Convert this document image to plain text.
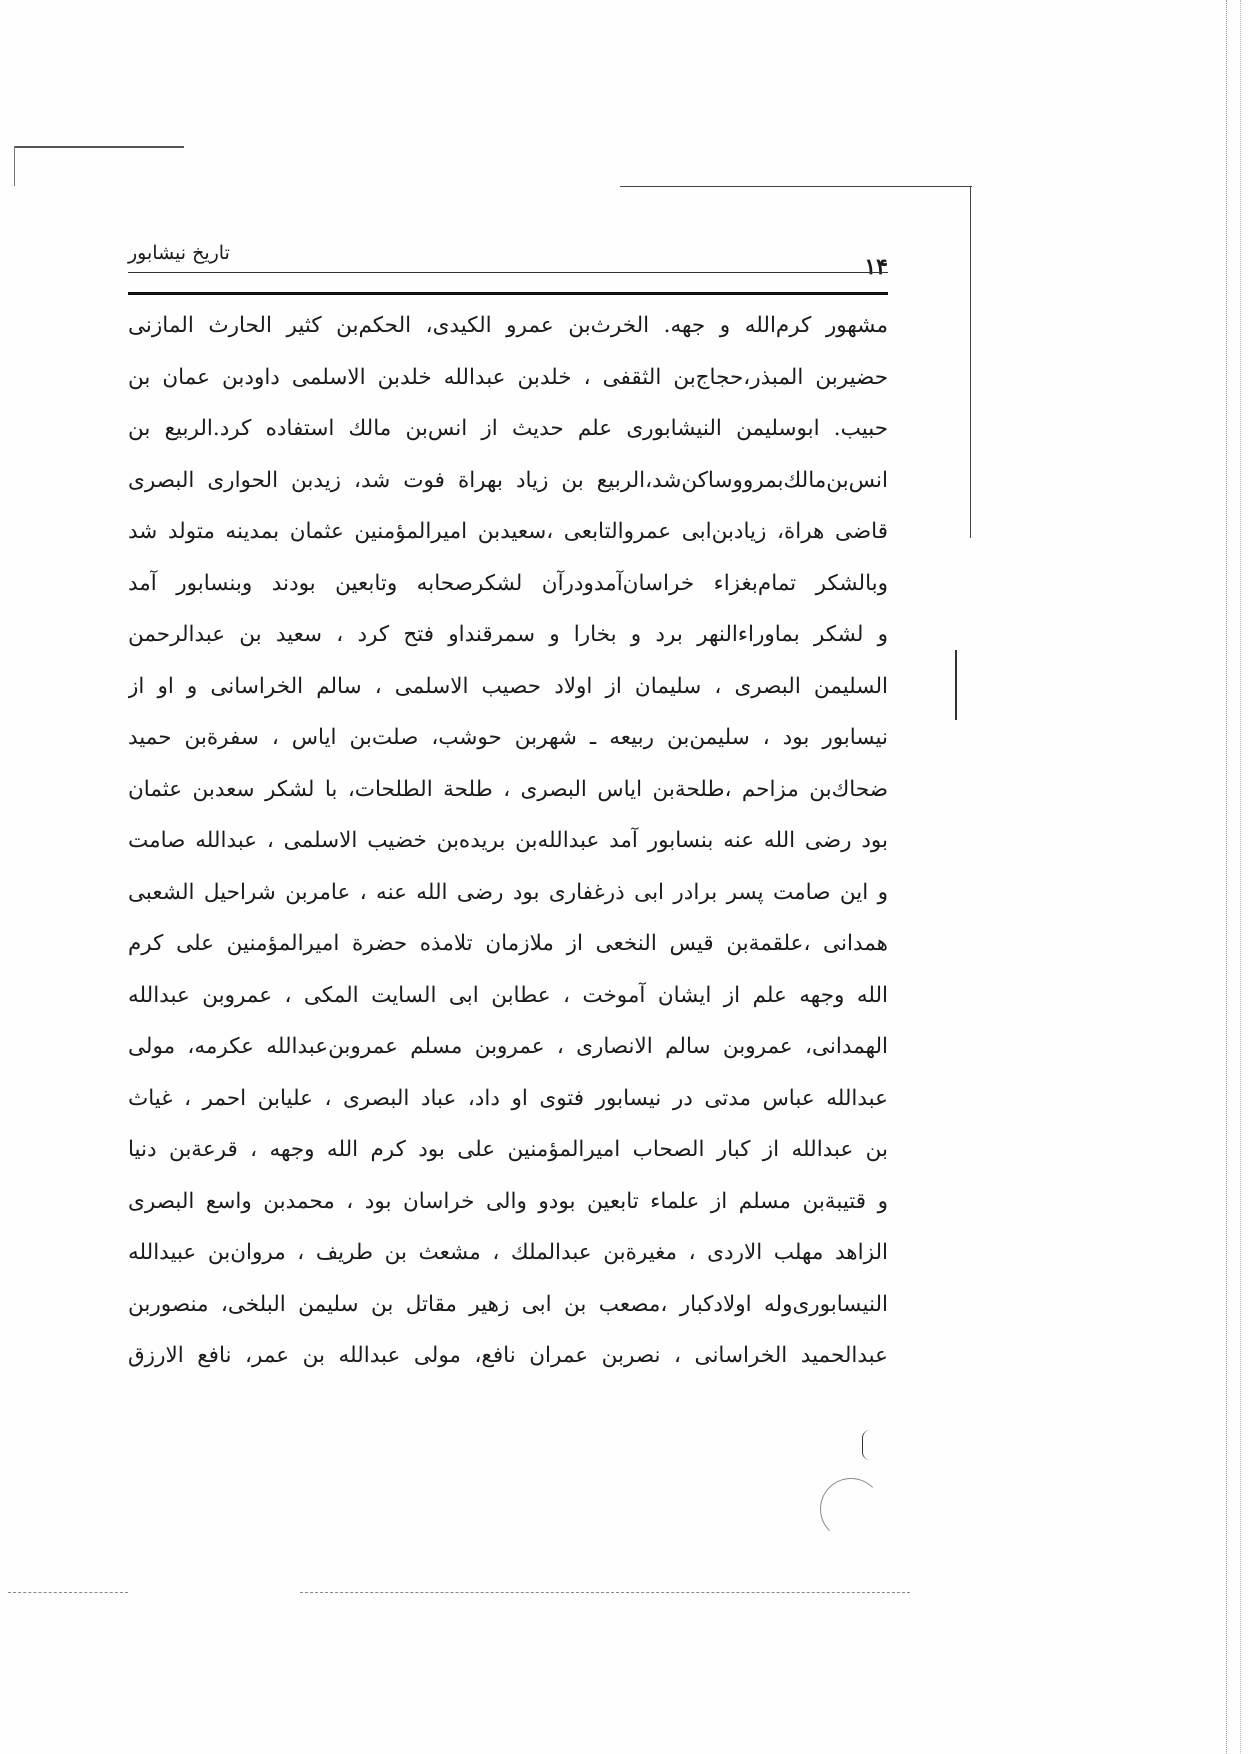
تاریخ نیشابور
۱۴
مشهور کرم‌الله و جهه. الخرث‌بن عمرو الکیدی، الحکم‌بن کثیر الحارث المازنی
حضیربن المبذر،حجاج‌بن الثقفی ، خلدبن عبدالله خلدبن الاسلمی داودبن عمان بن
حبیب. ابوسلیمن النیشابوری علم حدیث از انس‌بن مالك استفاده کرد.الربیع بن
انس‌بن‌مالك‌بمرو‌وساکن‌شد،الربیع بن زیاد بهراة فوت شد، زیدبن الحواری البصری
قاضی هراة، زیادبن‌ابی عمروالتابعی ،سعیدبن امیرالمؤمنین عثمان بمدینه متولد شد
وبالشکر تمام‌بغزاء خراسان‌آمدودرآن لشکرصحابه وتابعین بودند وبنسابور آمد
و لشکر بماوراءالنهر برد و بخارا و سمرقنداو فتح کرد ، سعید بن عبدالرحمن
السلیمن البصری ، سلیمان از اولاد حصیب الاسلمی ، سالم الخراسانی و او از
نیسابور بود ، سلیمن‌بن ربیعه ـ شهربن حوشب، صلت‌بن ایاس ، سفرةبن حمید
ضحاك‌بن مزاحم ،طلحةبن ایاس البصری ، طلحة الطلحات، با لشکر سعدبن عثمان
بود رضی الله عنه بنسابور آمد عبدالله‌بن بریده‌بن خضیب الاسلمی ، عبدالله صامت
و این صامت پسر برادر ابی ذرغفاری بود رضی الله عنه ، عامربن شراحیل الشعبی
همدانی ،علقمةبن قیس النخعی از ملازمان تلامذه حضرة امیرالمؤمنین علی کرم
الله وجهه علم از ایشان آموخت ، عطابن ابی السایت المکی ، عمروبن عبدالله
الهمدانی، عمروبن سالم الانصاری ، عمروبن مسلم عمروبن‌عبدالله عکرمه، مولی
عبدالله عباس مدتی در نیسابور فتوی او داد، عباد البصری ، علیابن احمر ، غیاث
بن عبدالله از کبار الصحاب امیرالمؤمنین علی بود کرم الله وجهه ، قرعةبن دنیا
و قتیبةبن مسلم از علماء تابعین بودو والی خراسان بود ، محمدبن واسع البصری
الزاهد مهلب الاردی ، مغیرةبن عبدالملك ، مشعث بن طریف ، مروان‌بن عبیدالله
النیسابوری‌وله اولادکبار ،مصعب بن ابی زهیر مقاتل بن سلیمن البلخی، منصوربن
عبدالحمید الخراسانی ، نصربن عمران نافع، مولی عبدالله بن عمر، نافع الارزق
